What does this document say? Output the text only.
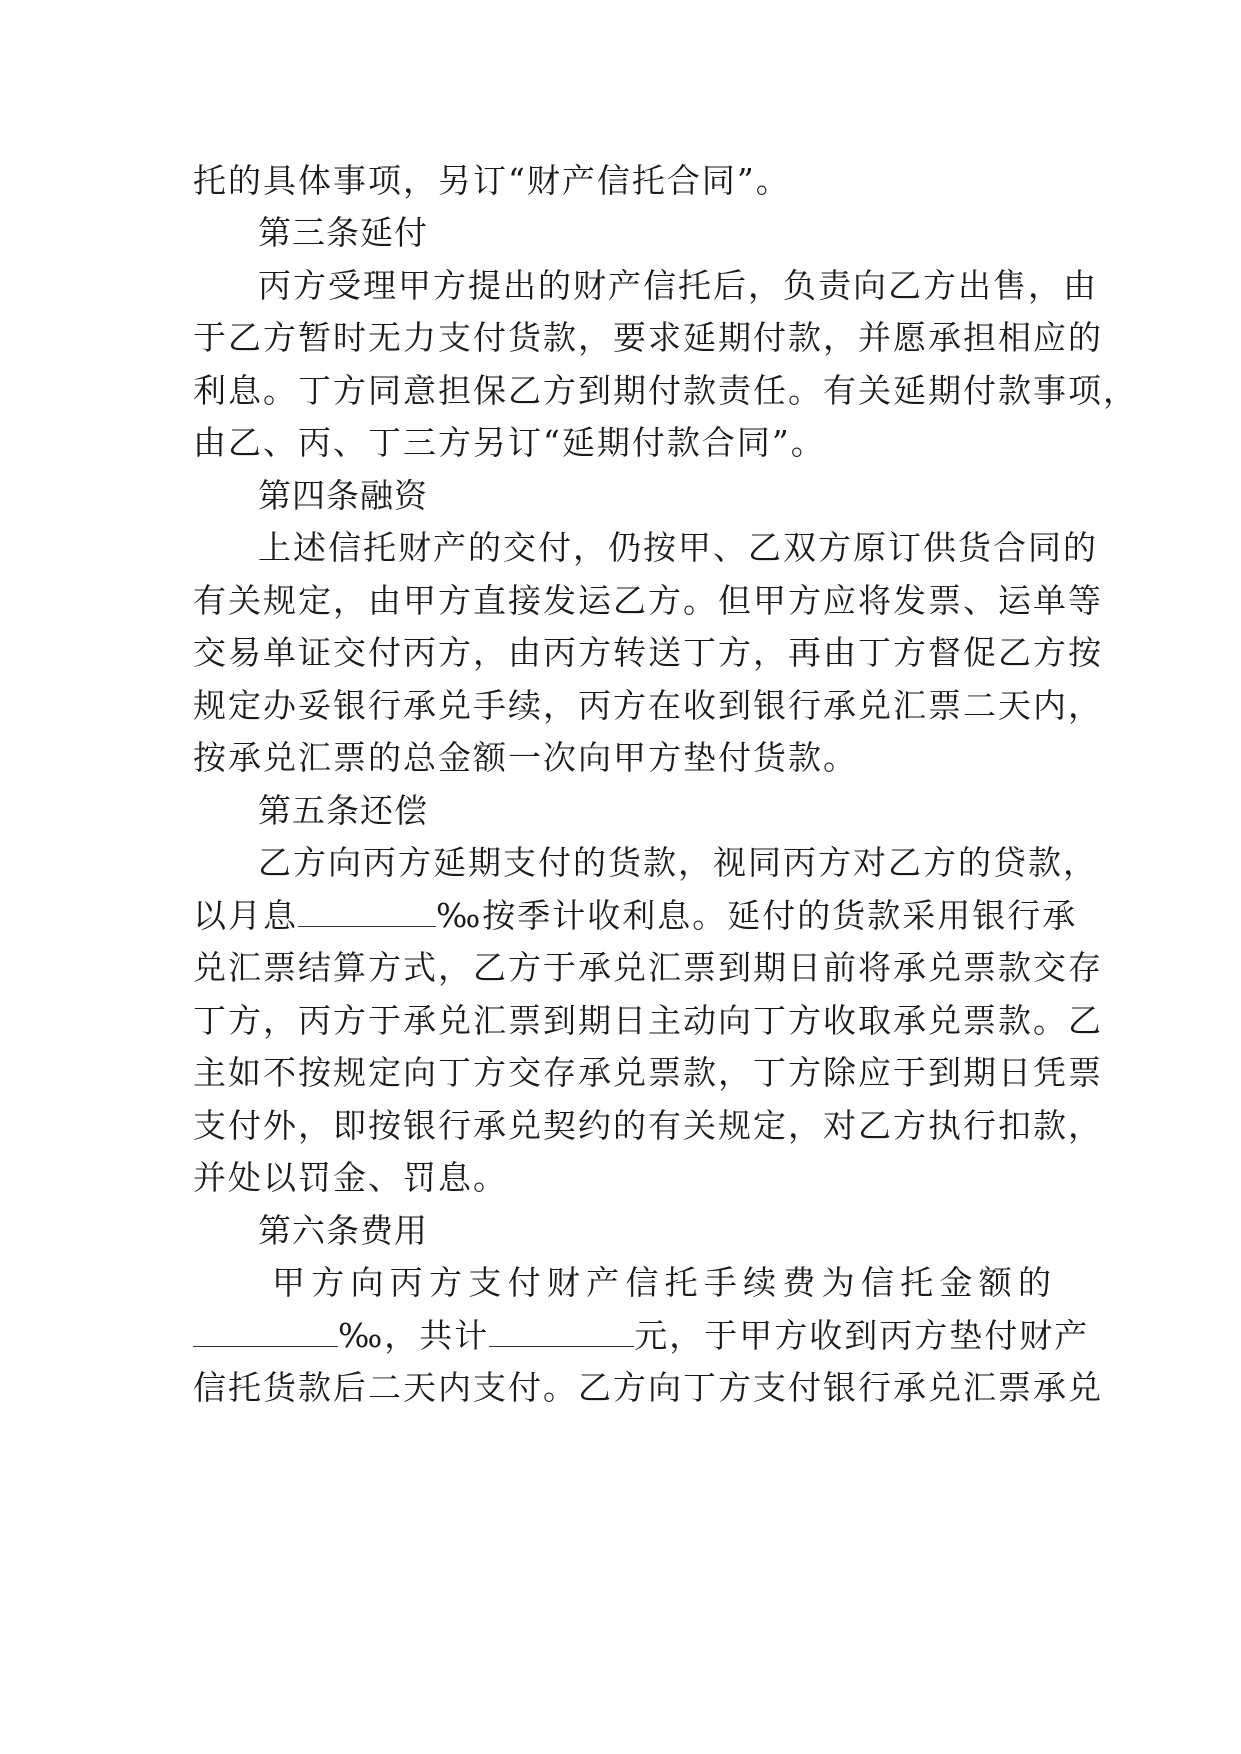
托的具体事项，另订“财产信托合同”。
第三条延付
丙方受理甲方提出的财产信托后，负责向乙方出售，由
于乙方暂时无力支付货款，要求延期付款，并愿承担相应的
利息。丁方同意担保乙方到期付款责任。有关延期付款事项，
由乙、丙、丁三方另订“延期付款合同”。
第四条融资
上述信托财产的交付，仍按甲、乙双方原订供货合同的
有关规定，由甲方直接发运乙方。但甲方应将发票、运单等
交易单证交付丙方，由丙方转送丁方，再由丁方督促乙方按
规定办妥银行承兑手续，丙方在收到银行承兑汇票二天内，
按承兑汇票的总金额一次向甲方垫付货款。
第五条还偿
乙方向丙方延期支付的货款，视同丙方对乙方的贷款，
以月息	‰按季计收利息。延付的货款采用银行承
兑汇票结算方式，乙方于承兑汇票到期日前将承兑票款交存
丁方，丙方于承兑汇票到期日主动向丁方收取承兑票款。乙
主如不按规定向丁方交存承兑票款，丁方除应于到期日凭票
支付外，即按银行承兑契约的有关规定，对乙方执行扣款，
并处以罚金、罚息。
第六条费用
甲方向丙方支付财产信托手续费为信托金额的
‰，共计	元，于甲方收到丙方垫付财产
信托货款后二天内支付。乙方向丁方支付银行承兑汇票承兑
